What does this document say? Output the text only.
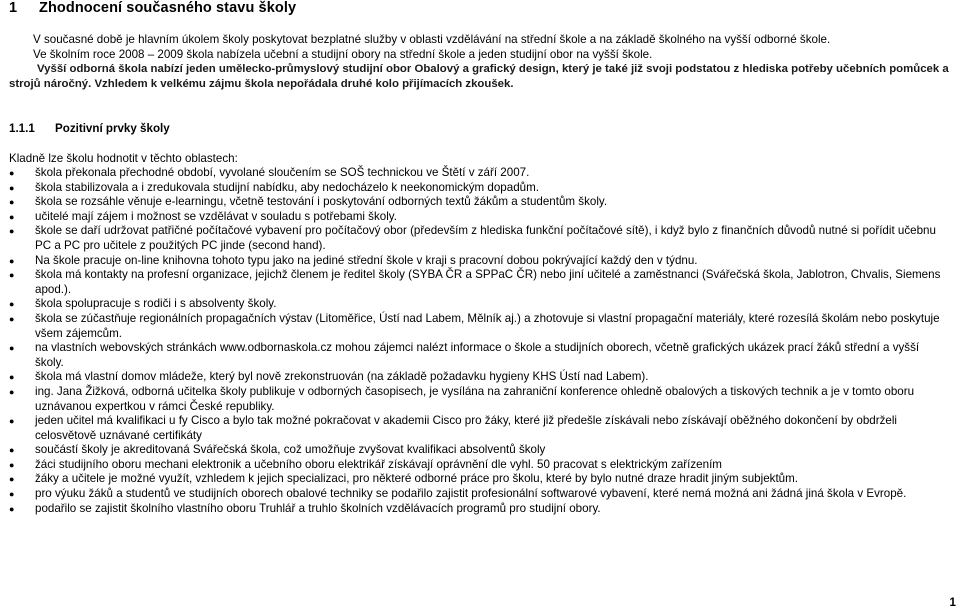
1 Zhodnocení současného stavu školy
V současné době je hlavním úkolem školy poskytovat bezplatné služby v oblasti vzdělávání na střední škole a na základě školného na vyšší odborné škole.
Ve školním roce 2008 – 2009 škola nabízela učební a studijní obory na střední škole a jeden studijní obor na vyšší škole.
Vyšší odborná škola nabízí jeden umělecko-průmyslový studijní obor Obalový a grafický design, který je také již svoji podstatou z hlediska potřeby učebních pomůcek a strojů náročný. Vzhledem k velkému zájmu škola nepořádala druhé kolo přijímacích zkoušek.
1.1.1 Pozitivní prvky školy
Kladně lze školu hodnotit v těchto oblastech:
●	škola překonala přechodné období, vyvolané sloučením se SOŠ technickou ve Štětí v září 2007.
●	škola stabilizovala a i zredukovala studijní nabídku, aby nedocházelo k neekonomickým dopadům.
●	škola se rozsáhle věnuje e-learningu, včetně testování i poskytování odborných textů žákům a studentům školy.
●	učitelé mají zájem i možnost se vzdělávat v souladu s potřebami školy.
●	škole se daří udržovat patřičné počítačové vybavení pro počítačový obor (především z hlediska funkční počítačové sítě), i když bylo z finančních důvodů nutné si pořídit učebnu PC a PC pro učitele z použitých PC jinde (second hand).
●	Na škole pracuje on-line knihovna tohoto typu jako na jediné střední škole v kraji s pracovní dobou pokrývající každý den v týdnu.
●	škola má kontakty na profesní organizace, jejichž členem je ředitel školy (SYBA ČR a SPPaC ČR) nebo jiní učitelé a zaměstnanci (Svářečská škola, Jablotron, Chvalis, Siemens apod.).
●	škola spolupracuje s rodiči i s absolventy školy.
●	škola se zúčastňuje regionálních propagačních výstav (Litoměřice, Ústí nad Labem, Mělník aj.) a zhotovuje si vlastní propagační materiály, které rozesílá školám nebo poskytuje všem zájemcům.
●	na vlastních webovských stránkách www.odbornaskola.cz mohou zájemci nalézt informace o škole a studijních oborech, včetně grafických ukázek prací žáků střední a vyšší školy.
●	škola má vlastní domov mládeže, který byl nově zrekonstruován (na základě požadavku hygieny KHS Ústí nad Labem).
●	ing. Jana Žižková, odborná učitelka školy publikuje v odborných časopisech, je vysílána na zahraniční konference ohledně obalových a tiskových technik a je v tomto oboru uznávanou expertkou v rámci České republiky.
●	jeden učitel má kvalifikaci u fy Cisco a bylo tak možné pokračovat v akademii Cisco pro žáky, které již předešle získávali nebo získávají oběžného dokončení by obdrželi celosvětově uznávané certifikáty
●	součástí školy je akreditovaná Svářečská škola, což umožňuje zvyšovat kvalifikaci absolventů školy
●	žáci studijního oboru mechani elektronik a učebního oboru elektrikář získávají oprávnění dle vyhl. 50 pracovat s elektrickým zařízením
●	žáky a učitele je možné využít, vzhledem k jejich specializaci, pro některé odborné práce pro školu, které by bylo nutné draze hradit jiným subjektům.
●	pro výuku žáků a studentů ve studijních oborech obalové techniky se podařilo zajistit profesionální softwarové vybavení, které nemá možná ani žádná jiná škola v Evropě.
●	podařilo se zajistit školního vlastního oboru Truhlář a truhlo školních vzdělávacích programů pro studijní obory.
1
